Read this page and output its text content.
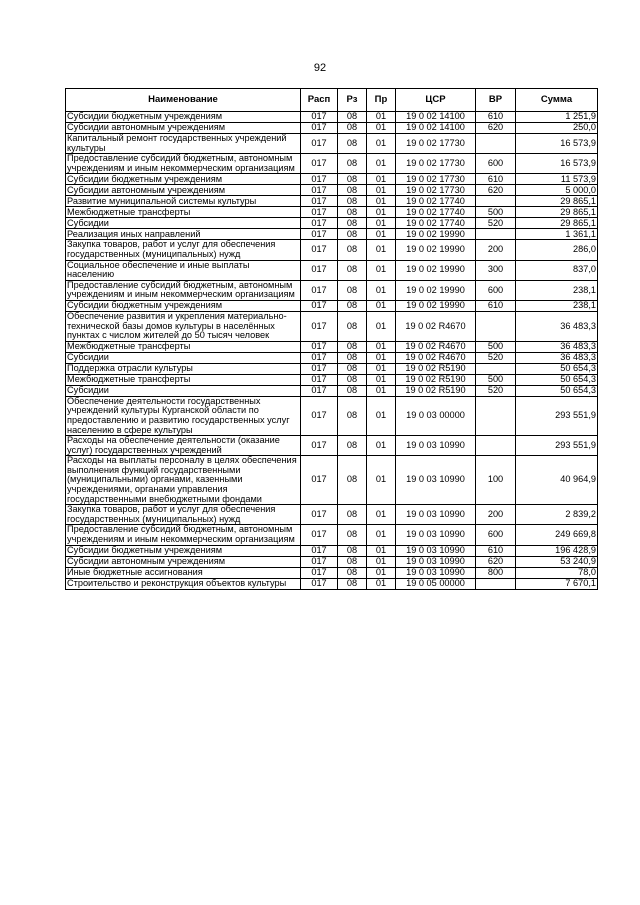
92
Наименование	Расп	Рз	Пр	ЦСР	ВР	Сумма
Субсидии бюджетным учреждениям	017	08	01	19 0 02 14100	610	1 251,9
Субсидии автономным учреждениям	017	08	01	19 0 02 14100	620	250,0
Капитальный ремонт государственных учреждений культуры	017	08	01	19 0 02 17730		16 573,9
Предоставление субсидий бюджетным, автономным учреждениям и иным некоммерческим организациям	017	08	01	19 0 02 17730	600	16 573,9
Субсидии бюджетным учреждениям	017	08	01	19 0 02 17730	610	11 573,9
Субсидии автономным учреждениям	017	08	01	19 0 02 17730	620	5 000,0
Развитие муниципальной системы культуры	017	08	01	19 0 02 17740		29 865,1
Межбюджетные трансферты	017	08	01	19 0 02 17740	500	29 865,1
Субсидии	017	08	01	19 0 02 17740	520	29 865,1
Реализация иных направлений	017	08	01	19 0 02 19990		1 361,1
Закупка товаров, работ и услуг для обеспечения государственных (муниципальных) нужд	017	08	01	19 0 02 19990	200	286,0
Социальное обеспечение и иные выплаты населению	017	08	01	19 0 02 19990	300	837,0
Предоставление субсидий бюджетным, автономным учреждениям и иным некоммерческим организациям	017	08	01	19 0 02 19990	600	238,1
Субсидии бюджетным учреждениям	017	08	01	19 0 02 19990	610	238,1
Обеспечение развития и укрепления материально-технической базы домов культуры в населённых пунктах с числом жителей до 50 тысяч человек	017	08	01	19 0 02 R4670		36 483,3
Межбюджетные трансферты	017	08	01	19 0 02 R4670	500	36 483,3
Субсидии	017	08	01	19 0 02 R4670	520	36 483,3
Поддержка отрасли культуры	017	08	01	19 0 02 R5190		50 654,3
Межбюджетные трансферты	017	08	01	19 0 02 R5190	500	50 654,3
Субсидии	017	08	01	19 0 02 R5190	520	50 654,3
Обеспечение деятельности государственных учреждений культуры Курганской области по предоставлению и развитию государственных услуг населению в сфере культуры	017	08	01	19 0 03 00000		293 551,9
Расходы на обеспечение деятельности (оказание услуг) государственных учреждений	017	08	01	19 0 03 10990		293 551,9
Расходы на выплаты персоналу в целях обеспечения выполнения функций государственными (муниципальными) органами, казенными учреждениями, органами управления государственными внебюджетными фондами	017	08	01	19 0 03 10990	100	40 964,9
Закупка товаров, работ и услуг для обеспечения государственных (муниципальных) нужд	017	08	01	19 0 03 10990	200	2 839,2
Предоставление субсидий бюджетным, автономным учреждениям и иным некоммерческим организациям	017	08	01	19 0 03 10990	600	249 669,8
Субсидии бюджетным учреждениям	017	08	01	19 0 03 10990	610	196 428,9
Субсидии автономным учреждениям	017	08	01	19 0 03 10990	620	53 240,9
Иные бюджетные ассигнования	017	08	01	19 0 03 10990	800	78,0
Строительство и реконструкция объектов культуры	017	08	01	19 0 05 00000		7 670,1
